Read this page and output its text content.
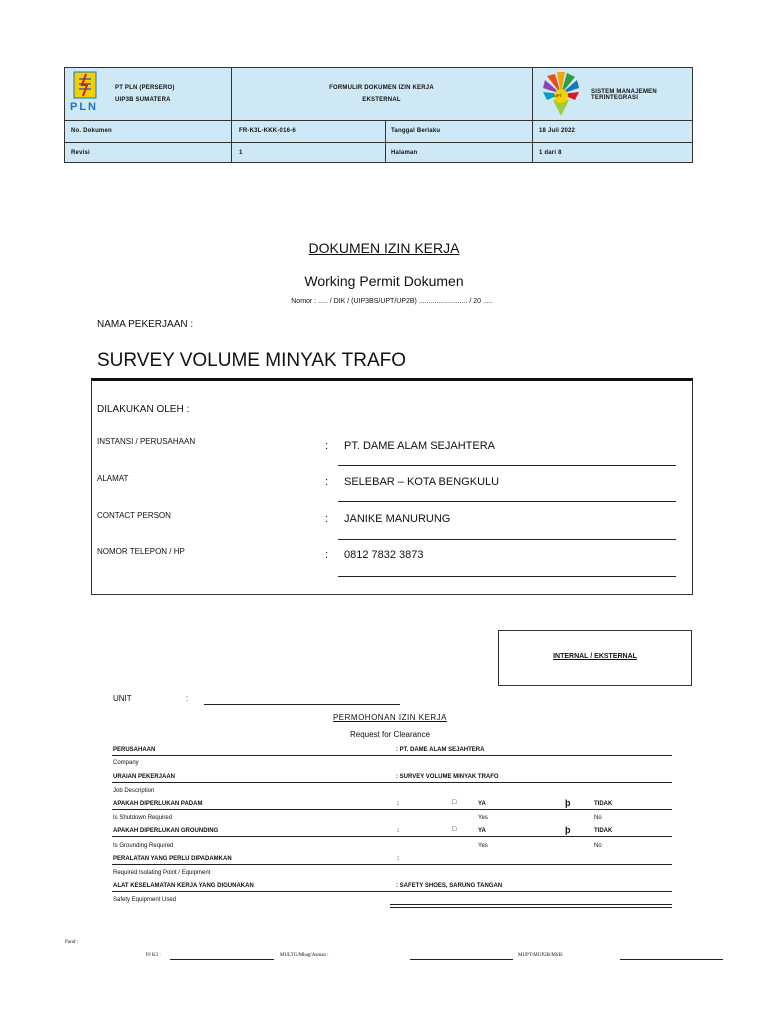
PLN
PT PLN (PERSERO)
UIP3B SUMATERA
FORMULIR DOKUMEN IZIN KERJA
EKSTERNAL
UPT
SISTEM MANAJEMEN TERINTEGRASI
No. Dokumen	FR-K3L-KKK-016-6	Tanggal Berlaku	18 Juli 2022
Revisi	1	Halaman	1 dari 8
DOKUMEN IZIN KERJA
Working Permit Dokumen
Nomor : ..... / DIK / (UIP3BS/UPT/UP2B) ......................... / 20 .....
NAMA PEKERJAAN :
SURVEY VOLUME MINYAK TRAFO
DILAKUKAN OLEH :
INSTANSI / PERUSAHAAN	: PT. DAME ALAM SEJAHTERA
ALAMAT	: SELEBAR – KOTA BENGKULU
CONTACT PERSON	: JANIKE MANURUNG
NOMOR TELEPON / HP	: 0812 7832 3873
INTERNAL / EKSTERNAL
UNIT	:
PERMOHONAN IZIN KERJA
Request for Clearance
PERUSAHAAN	: PT. DAME ALAM SEJAHTERA
Company
URAIAN PEKERJAAN	: SURVEY VOLUME MINYAK TRAFO
Job Description
APAKAH DIPERLUKAN PADAM	:	□	YA	þ	TIDAK
Is Shutdown Required	Yes	No
APAKAH DIPERLUKAN GROUNDING	:	□	YA	þ	TIDAK
Is Grounding Required	Yes	No
PERALATAN YANG PERLU DIPADAMKAN	:
Required Isolating Point / Equipment
ALAT KESELAMATAN KERJA YANG DIGUNAKAN	: SAFETY SHOES, SARUNG TANGAN
Safety Equipment Used
Paraf :
PJ K3 :	MULTG/Mbag/Asman :	MUPT/MUP2B/MSB:
